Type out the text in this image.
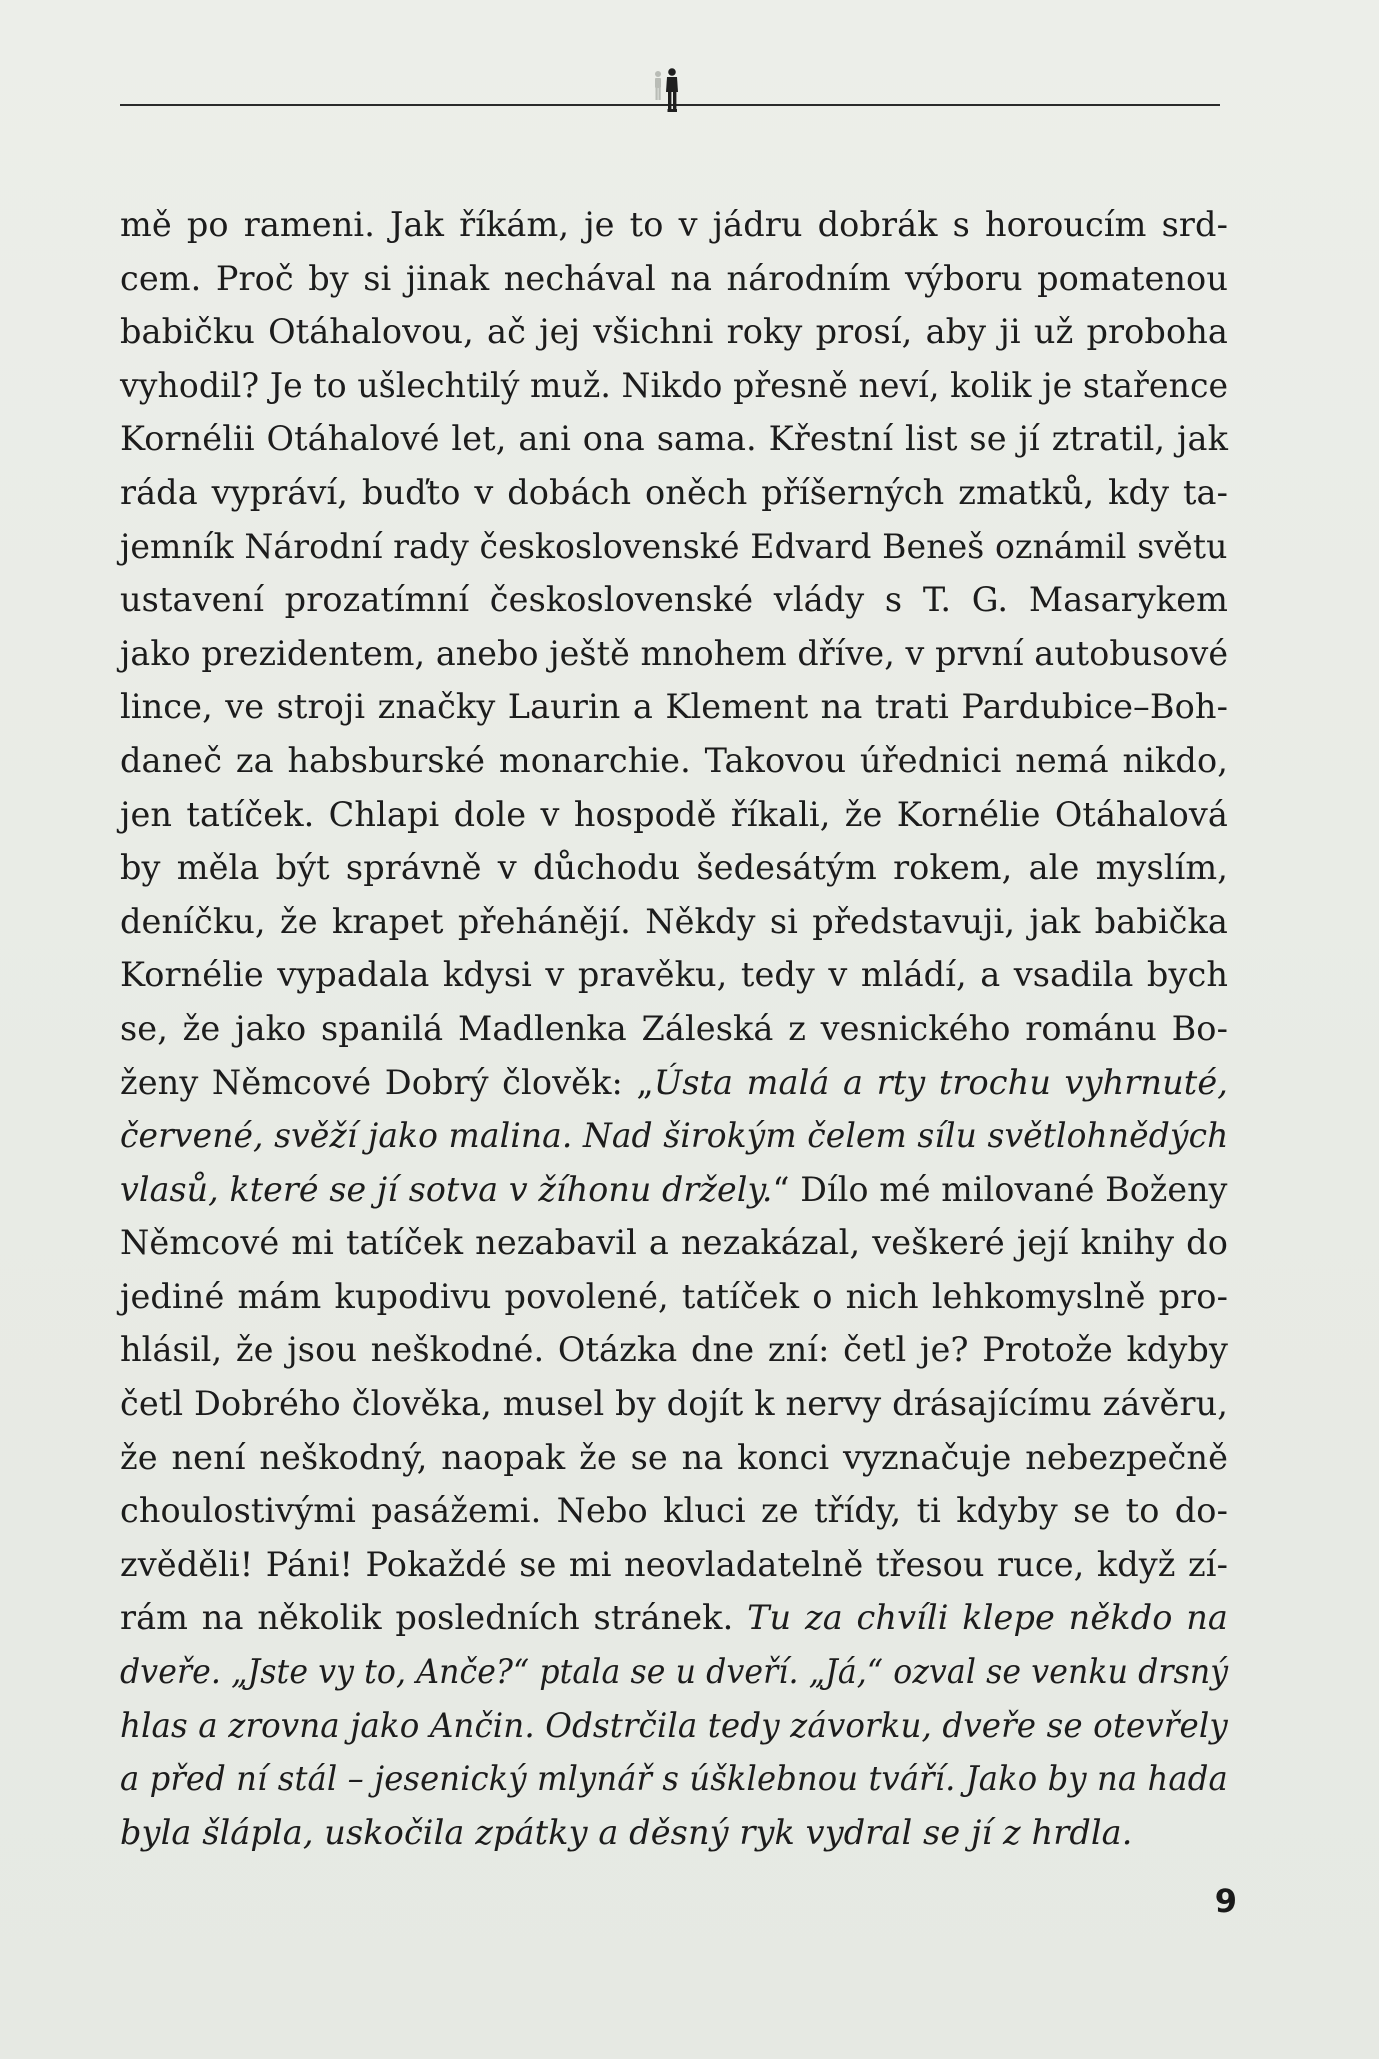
mě po rameni. Jak říkám, je to v jádru dobrák s horoucím srd-
cem. Proč by si jinak nechával na národním výboru pomatenou
babičku Otáhalovou, ač jej všichni roky prosí, aby ji už proboha
vyhodil? Je to ušlechtilý muž. Nikdo přesně neví, kolik je stařence
Kornélii Otáhalové let, ani ona sama. Křestní list se jí ztratil, jak
ráda vypráví, buďto v dobách oněch příšerných zmatků, kdy ta-
jemník Národní rady československé Edvard Beneš oznámil světu
ustavení prozatímní československé vlády s T. G. Masarykem
jako prezidentem, anebo ještě mnohem dříve, v první autobusové
lince, ve stroji značky Laurin a Klement na trati Pardubice–Boh-
daneč za habsburské monarchie. Takovou úřednici nemá nikdo,
jen tatíček. Chlapi dole v hospodě říkali, že Kornélie Otáhalová
by měla být správně v důchodu šedesátým rokem, ale myslím,
deníčku, že krapet přehánějí. Někdy si představuji, jak babička
Kornélie vypadala kdysi v pravěku, tedy v mládí, a vsadila bych
se, že jako spanilá Madlenka Záleská z vesnického románu Bo-
ženy Němcové Dobrý člověk: „Ústa malá a rty trochu vyhrnuté,
červené, svěží jako malina. Nad širokým čelem sílu světlohnědých
vlasů, které se jí sotva v žíhonu držely.“ Dílo mé milované Boženy
Němcové mi tatíček nezabavil a nezakázal, veškeré její knihy do
jediné mám kupodivu povolené, tatíček o nich lehkomyslně pro-
hlásil, že jsou neškodné. Otázka dne zní: četl je? Protože kdyby
četl Dobrého člověka, musel by dojít k nervy drásajícímu závěru,
že není neškodný, naopak že se na konci vyznačuje nebezpečně
choulostivými pasážemi. Nebo kluci ze třídy, ti kdyby se to do-
zvěděli! Páni! Pokaždé se mi neovladatelně třesou ruce, když zí-
rám na několik posledních stránek. Tu za chvíli klepe někdo na
dveře. „Jste vy to, Anče?“ ptala se u dveří. „Já,“ ozval se venku drsný
hlas a zrovna jako Ančin. Odstrčila tedy závorku, dveře se otevřely
a před ní stál – jesenický mlynář s úšklebnou tváří. Jako by na hada
byla šlápla, uskočila zpátky a děsný ryk vydral se jí z hrdla.
9
